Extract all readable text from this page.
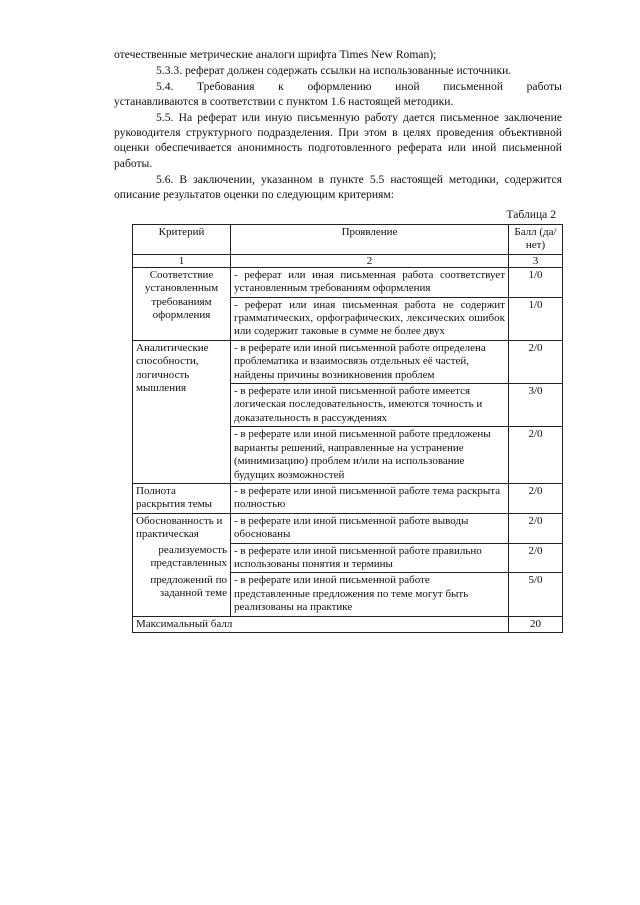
отечественные метрические аналоги шрифта Times New Roman);

5.3.3. реферат должен содержать ссылки на использованные источники.

5.4. Требования к оформлению иной письменной работы

устанавливаются в соответствии с пунктом 1.6 настоящей методики.

5.5. На реферат или иную письменную работу дается письменное заключение руководителя структурного подразделения. При этом в целях проведения объективной оценки обеспечивается анонимность подготовленного реферата или иной письменной работы.

5.6. В заключении, указанном в пункте 5.5 настоящей методики, содержится описание результатов оценки по следующим критериям:

Таблица 2
Критерий	Проявление	Балл (да/нет)
1	2	3
Соответствие установленным требованиям оформления	- реферат или иная письменная работа соответствует установленным требованиям оформления	1/0
	- реферат или иная письменная работа не содержит грамматических, орфографических, лексических ошибок или содержит таковые в сумме не более двух	1/0
Аналитические способности, логичность мышления	- в реферате или иной письменной работе определена проблематика и взаимосвязь отдельных её частей, найдены причины возникновения проблем	2/0
	- в реферате или иной письменной работе имеется логическая последовательность, имеются точность и доказательность в рассуждениях	3/0
	- в реферате или иной письменной работе предложены варианты решений, направленные на устранение (минимизацию) проблем и/или на использование будущих возможностей	2/0
Полнота раскрытия темы	- в реферате или иной письменной работе тема раскрыта полностью	2/0
Обоснованность и практическая	- в реферате или иной письменной работе выводы обоснованы	2/0
реализуемость представленных	- в реферате или иной письменной работе правильно использованы понятия и термины	2/0
предложений по заданной теме	- в реферате или иной письменной работе представленные предложения по теме могут быть реализованы на практике	5/0
Максимальный балл		20
